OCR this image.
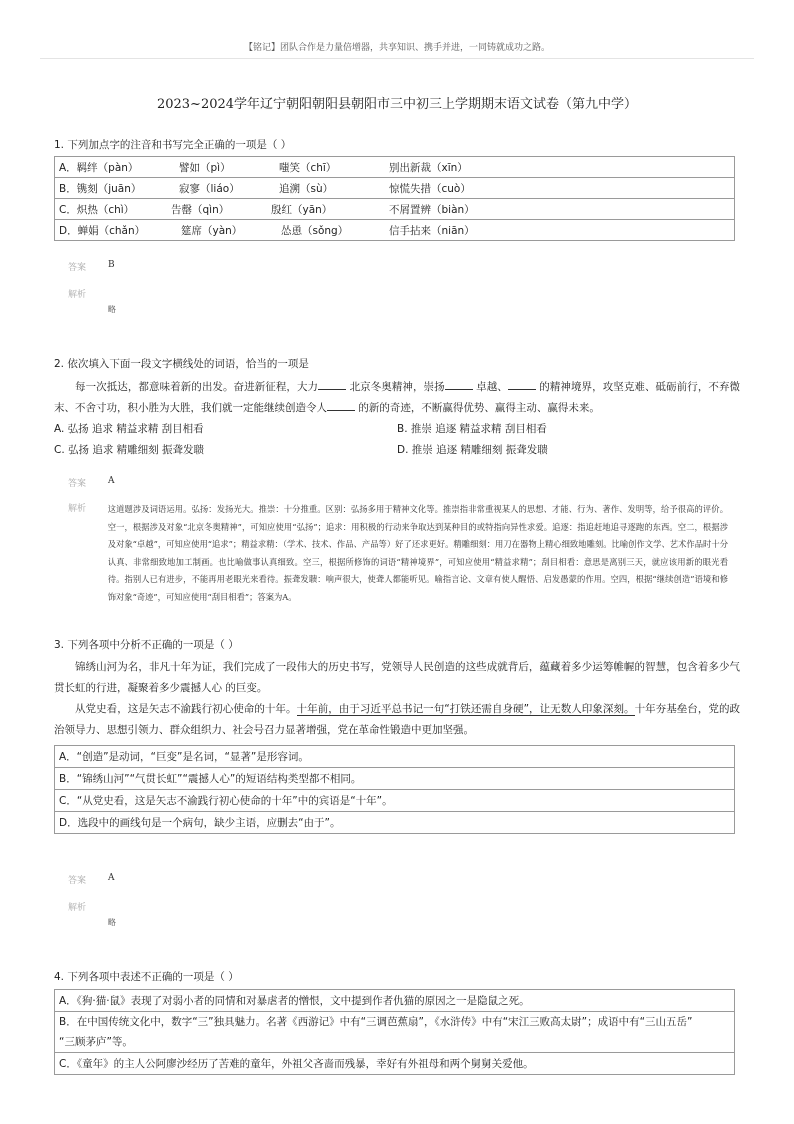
【铭记】团队合作是力量倍增器，共享知识、携手并进，一同铸就成功之路。
2023~2024学年辽宁朝阳朝阳县朝阳市三中初三上学期期末语文试卷（第九中学）
1. 下列加点字的注音和书写完全正确的一项是（ ）
A．羁绊（pàn）	譬如（pì）	嗤笑（chī）	别出新裁（xīn）

B．镌刻（juān）	寂寥（liáo）	追溯（sù）	惊慌失措（cuò）

C．炽热（chì）	告罄（qìn）	殷红（yān）	不屑置辨（biàn）

D．蝉娟（chǎn）	筵席（yàn）	怂恿（sǒng）	信手拈来（niān）
答案	B
解析
略
2. 依次填入下面一段文字横线处的词语，恰当的一项是
每一次抵达，都意味着新的出发。奋进新征程，大力	北京冬奥精神，崇扬	卓越、	的精神境界，攻坚克难、砥砺前行，不弃微末、不舍寸功，积小胜为大胜，我们就一定能继续创造令人	的新的奇迹，不断赢得优势、赢得主动、赢得未来。
A. 弘扬 追求 精益求精 刮目相看	B. 推崇 追逐 精益求精 刮目相看
C. 弘扬 追求 精雕细刻 振聋发聩	D. 推崇 追逐 精雕细刻 振聋发聩
答案	A
解析	这道题涉及词语运用。弘扬：发扬光大。推崇：十分推重。区别：弘扬多用于精神文化等。推崇指非常重视某人的思想、才能、行为、著作、发明等，给予很高的评价。空一，根据涉及对象“北京冬奥精神”，可知应使用“弘扬”；追求：用积极的行动来争取达到某种目的或特指向异性求爱。追逐：指追赶地追寻逐跑的东西。空二，根据涉及对象“卓越”，可知应使用“追求”；精益求精：（学术、技术、作品、产品等）好了还求更好。精雕细刻：用刀在器物上精心细致地雕刻。比喻创作文学、艺术作品时十分认真、非常细致地加工制画。也比喻做事认真细致。空三，根据所修饰的词语“精神境界”，可知应使用“精益求精”；刮目相看：意思是离别三天，就应该用新的眼光看待。指别人已有进步，不能再用老眼光来看待。振聋发聩：响声很大，使聋人都能听见。喻指言论、文章有使人醒悟、启发愚蒙的作用。空四，根据“继续创造”语境和修饰对象“奇迹”，可知应使用“刮目相看”；答案为A。
3. 下列各项中分析不正确的一项是（ ）
锦绣山河为名，非凡十年为证，我们完成了一段伟大的历史书写，党领导人民创造的这些成就背后，蕴藏着多少运筹帷幄的智慧，包含着多少气贯长虹的行进，凝聚着多少震撼人心 的巨变。
从党史看，这是矢志不渝践行初心使命的十年。十年前，由于习近平总书记一句“打铁还需自身硬”，让无数人印象深刻。十年夯基垒台，党的政治领导力、思想引领力、群众组织力、社会号召力显著增强，党在革命性锻造中更加坚强。
A．“创造”是动词，“巨变”是名词，“显著”是形容词。
B．“锦绣山河”“气贯长虹”“震撼人心”的短语结构类型都不相同。
C．“从党史看，这是矢志不渝践行初心使命的十年”中的宾语是“十年”。
D．选段中的画线句是一个病句，缺少主语，应删去“由于”。
答案	A
解析
略
4. 下列各项中表述不正确的一项是（ ）
A．《狗·猫·鼠》表现了对弱小者的同情和对暴虐者的憎恨，文中提到作者仇猫的原因之一是隐鼠之死。

B．在中国传统文化中，数字“三”独具魅力。名著《西游记》中有“三调芭蕉扇”，《水浒传》中有“宋江三败高太尉”；成语中有“三山五岳”
“三顾茅庐”等。

C．《童年》的主人公阿廖沙经历了苦难的童年，外祖父吝啬而残暴，幸好有外祖母和两个舅舅关爱他。
